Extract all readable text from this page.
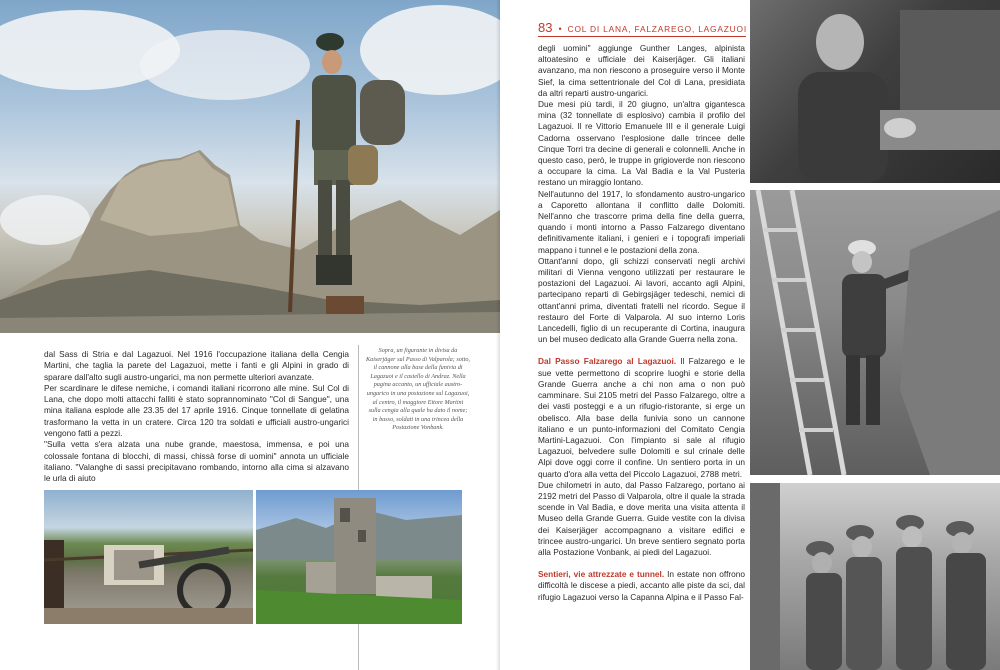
dal Sass di Stria e dal Lagazuoi. Nel 1916 l'occupazione italiana della Cengia Martini, che taglia la parete del Lagazuoi, mette i fanti e gli Alpini in grado di sparare dall'alto sugli austro-ungarici, ma non permette ulteriori avanzate.

Per scardinare le difese nemiche, i comandi italiani ricorrono alle mine. Sul Col di Lana, che dopo molti attacchi falliti è stato soprannominato "Col di Sangue", una mina italiana esplode alle 23.35 del 17 aprile 1916. Cinque tonnellate di gelatina trasformano la vetta in un cratere. Circa 120 tra soldati e ufficiali austro-ungarici vengono fatti a pezzi.

"Sulla vetta s'era alzata una nube grande, maestosa, immensa, e poi una colossale fontana di blocchi, di massi, chissà forse di uomini" annota un ufficiale italiano. "Valanghe di sassi precipitavano rombando, intorno alla cima si alzavano le urla di aiuto

Sopra, un figurante in divisa da Kaiserjäger sul Passo di Valparola; sotto, il cannone alla base della funivia di Lagazuoi e il castello di Andraz. Nella pagina accanto, un ufficiale austro-ungarico in una postazione sul Lagazuoi, al centro, il maggiore Ettore Martini sulla cengia alla quale ha dato il nome; in basso, soldati in una trincea della Postazione Vonbank.
83 • COL DI LANA, FALZAREGO, LAGAZUOI

degli uomini" aggiunge Gunther Langes, alpinista altoatesino e ufficiale dei Kaiserjäger. Gli italiani avanzano, ma non riescono a proseguire verso il Monte Sief, la cima settentrionale del Col di Lana, presidiata da altri reparti austro-ungarici.

Due mesi più tardi, il 20 giugno, un'altra gigantesca mina (32 tonnellate di esplosivo) cambia il profilo del Lagazuoi. Il re Vittorio Emanuele III e il generale Luigi Cadorna osservano l'esplosione dalle trincee delle Cinque Torri tra decine di generali e colonnelli. Anche in questo caso, però, le truppe in grigioverde non riescono a occupare la cima. La Val Badia e la Val Pusteria restano un miraggio lontano.

Nell'autunno del 1917, lo sfondamento austro-ungarico a Caporetto allontana il conflitto dalle Dolomiti. Nell'anno che trascorre prima della fine della guerra, quando i monti intorno a Passo Falzarego diventano definitivamente italiani, i genieri e i topografi imperiali mappano i tunnel e le postazioni della zona.

Ottant'anni dopo, gli schizzi conservati negli archivi militari di Vienna vengono utilizzati per restaurare le postazioni del Lagazuoi. Ai lavori, accanto agli Alpini, partecipano reparti di Gebirgsjäger tedeschi, nemici di ottant'anni prima, diventati fratelli nel ricordo. Segue il restauro del Forte di Valparola. Al suo interno Loris Lancedelli, figlio di un recuperante di Cortina, inaugura un bel museo dedicato alla Grande Guerra nella zona.

Dal Passo Falzarego al Lagazuoi. Il Falzarego e le sue vette permettono di scoprire luoghi e storie della Grande Guerra anche a chi non ama o non può camminare. Sui 2105 metri del Passo Falzarego, oltre a dei vasti posteggi e a un rifugio-ristorante, si erge un obelisco. Alla base della funivia sono un cannone italiano e un punto-informazioni del Comitato Cengia Martini-Lagazuoi. Con l'impianto si sale al rifugio Lagazuoi, belvedere sulle Dolomiti e sul crinale delle Alpi dove oggi corre il confine. Un sentiero porta in un quarto d'ora alla vetta del Piccolo Lagazuoi, 2788 metri.

Due chilometri in auto, dal Passo Falzarego, portano ai 2192 metri del Passo di Valparola, oltre il quale la strada scende in Val Badia, e dove merita una visita attenta il Museo della Grande Guerra. Guide vestite con la divisa dei Kaiserjäger accompagnano a visitare edifici e trincee austro-ungarici. Un breve sentiero segnato porta alla Postazione Vonbank, ai piedi del Lagazuoi.

Sentieri, vie attrezzate e tunnel. In estate non offrono difficoltà le discese a piedi, accanto alle piste da sci, dal rifugio Lagazuoi verso la Capanna Alpina e il Passo Fal-
